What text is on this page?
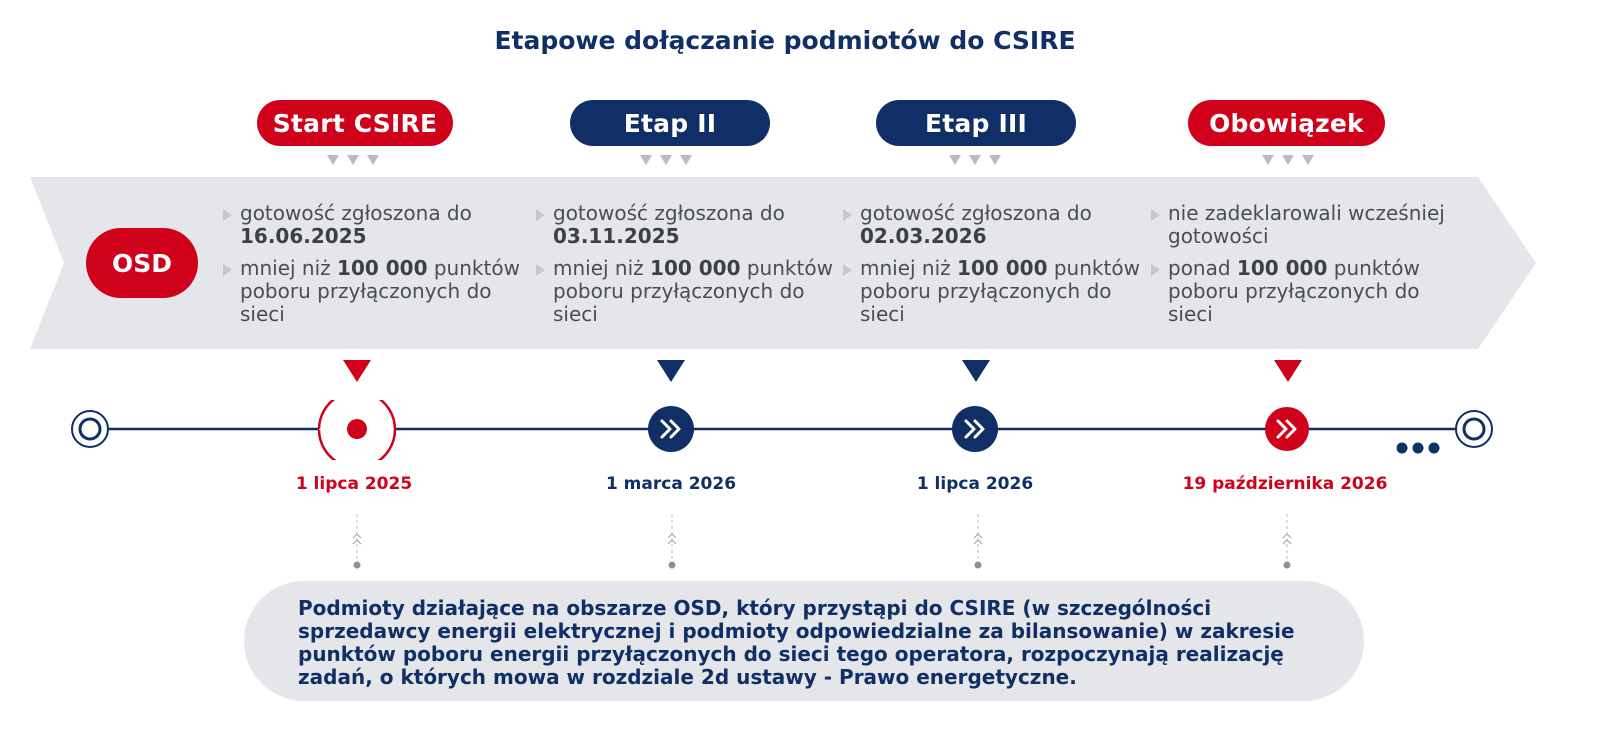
Etapowe dołączanie podmiotów do CSIRE
Start CSIRE	Etap II	Etap III	Obowiązek
OSD
gotowość zgłoszona do 16.06.2025
mniej niż 100 000 punktów poboru przyłączonych do sieci
gotowość zgłoszona do 03.11.2025
mniej niż 100 000 punktów poboru przyłączonych do sieci
gotowość zgłoszona do 02.03.2026
mniej niż 100 000 punktów poboru przyłączonych do sieci
nie zadeklarowali wcześniej gotowości
ponad 100 000 punktów poboru przyłączonych do sieci
1 lipca 2025	1 marca 2026	1 lipca 2026	19 października 2026

Podmioty działające na obszarze OSD, który przystąpi do CSIRE (w szczególności sprzedawcy energii elektrycznej i podmioty odpowiedzialne za bilansowanie) w zakresie punktów poboru energii przyłączonych do sieci tego operatora, rozpoczynają realizację zadań, o których mowa w rozdziale 2d ustawy - Prawo energetyczne.
